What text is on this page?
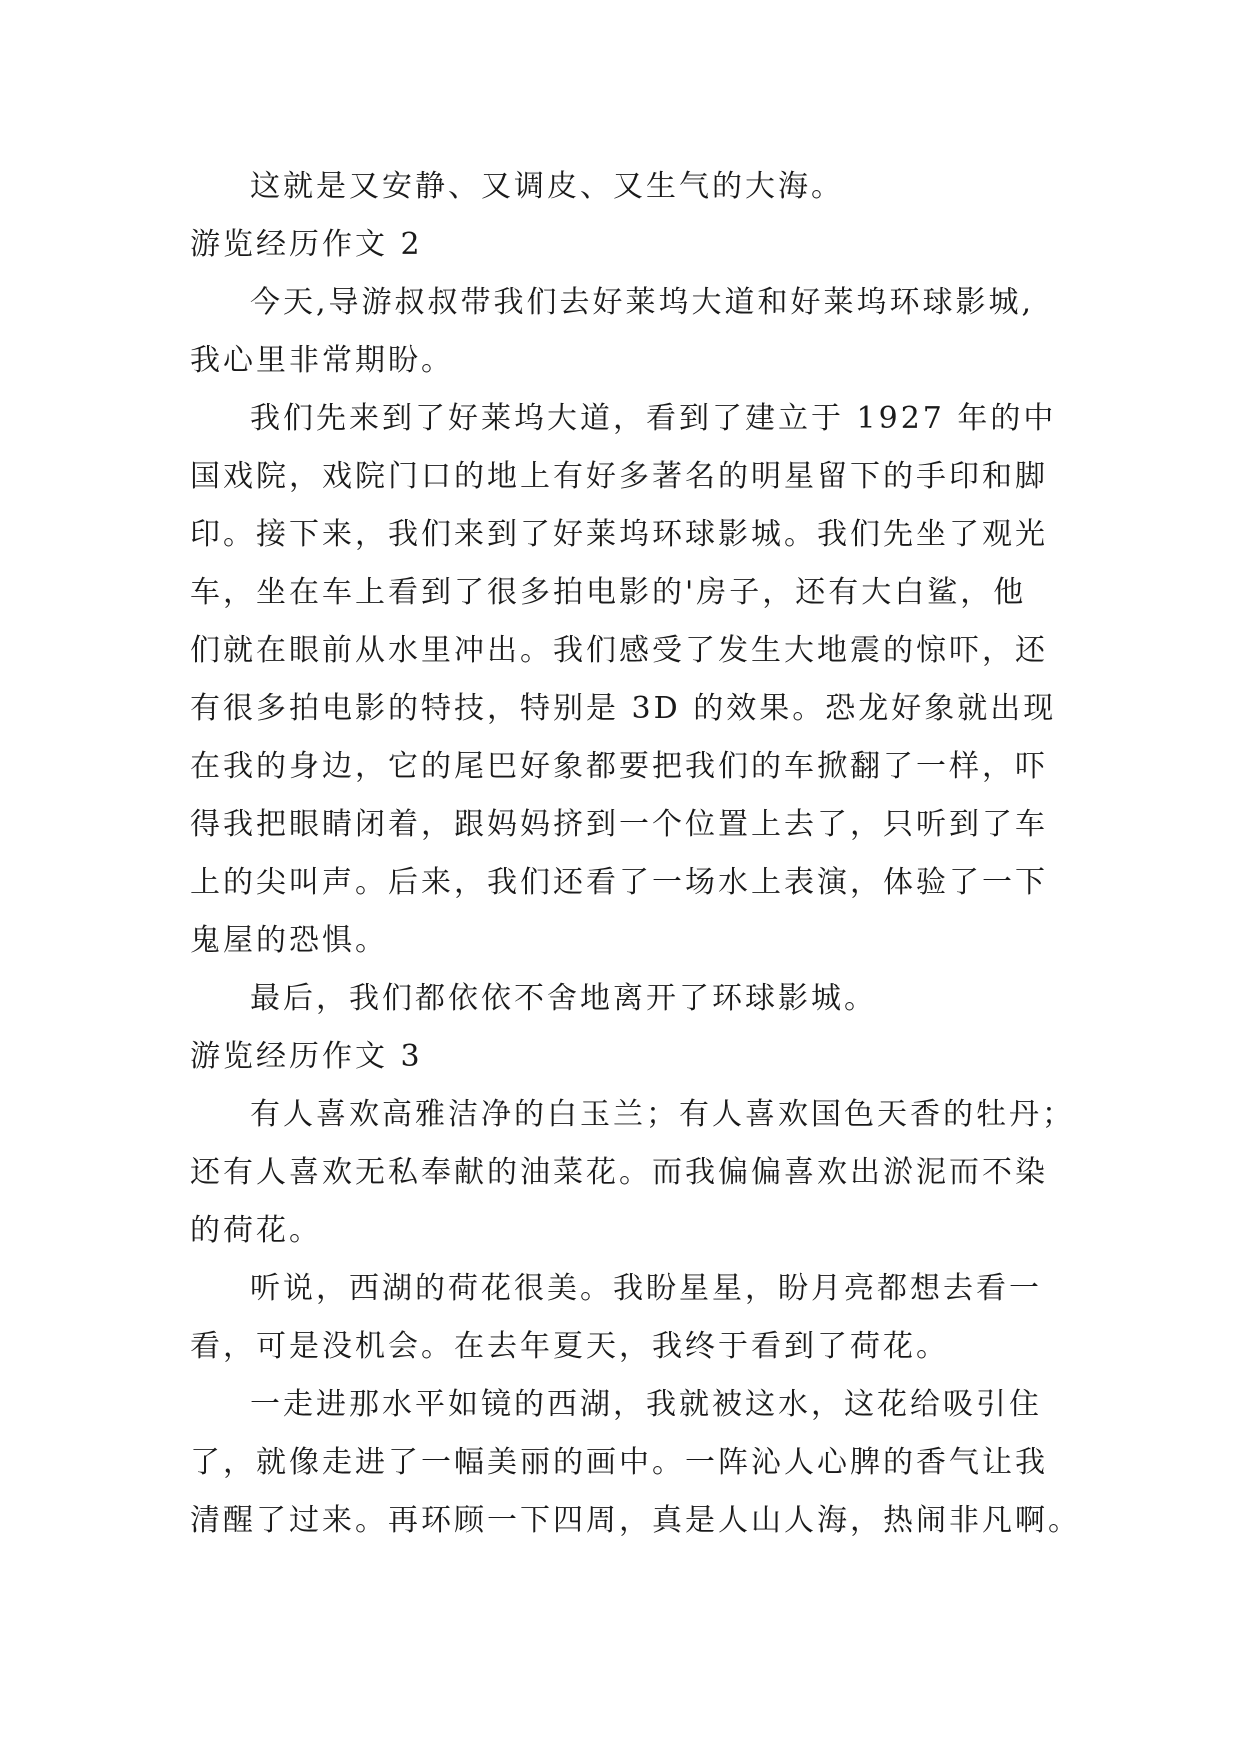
这就是又安静、又调皮、又生气的大海。

游览经历作文 2

今天,导游叔叔带我们去好莱坞大道和好莱坞环球影城,
我心里非常期盼。

我们先来到了好莱坞大道，看到了建立于 1927 年的中
国戏院，戏院门口的地上有好多著名的明星留下的手印和脚
印。接下来，我们来到了好莱坞环球影城。我们先坐了观光
车，坐在车上看到了很多拍电影的'房子，还有大白鲨，他
们就在眼前从水里冲出。我们感受了发生大地震的惊吓，还
有很多拍电影的特技，特别是 3D 的效果。恐龙好象就出现
在我的身边，它的尾巴好象都要把我们的车掀翻了一样，吓
得我把眼睛闭着，跟妈妈挤到一个位置上去了，只听到了车
上的尖叫声。后来，我们还看了一场水上表演，体验了一下
鬼屋的恐惧。

最后，我们都依依不舍地离开了环球影城。

游览经历作文 3

有人喜欢高雅洁净的白玉兰；有人喜欢国色天香的牡丹；
还有人喜欢无私奉献的油菜花。而我偏偏喜欢出淤泥而不染
的荷花。

听说，西湖的荷花很美。我盼星星，盼月亮都想去看一
看，可是没机会。在去年夏天，我终于看到了荷花。

一走进那水平如镜的西湖，我就被这水，这花给吸引住
了，就像走进了一幅美丽的画中。一阵沁人心脾的香气让我
清醒了过来。再环顾一下四周，真是人山人海，热闹非凡啊。
